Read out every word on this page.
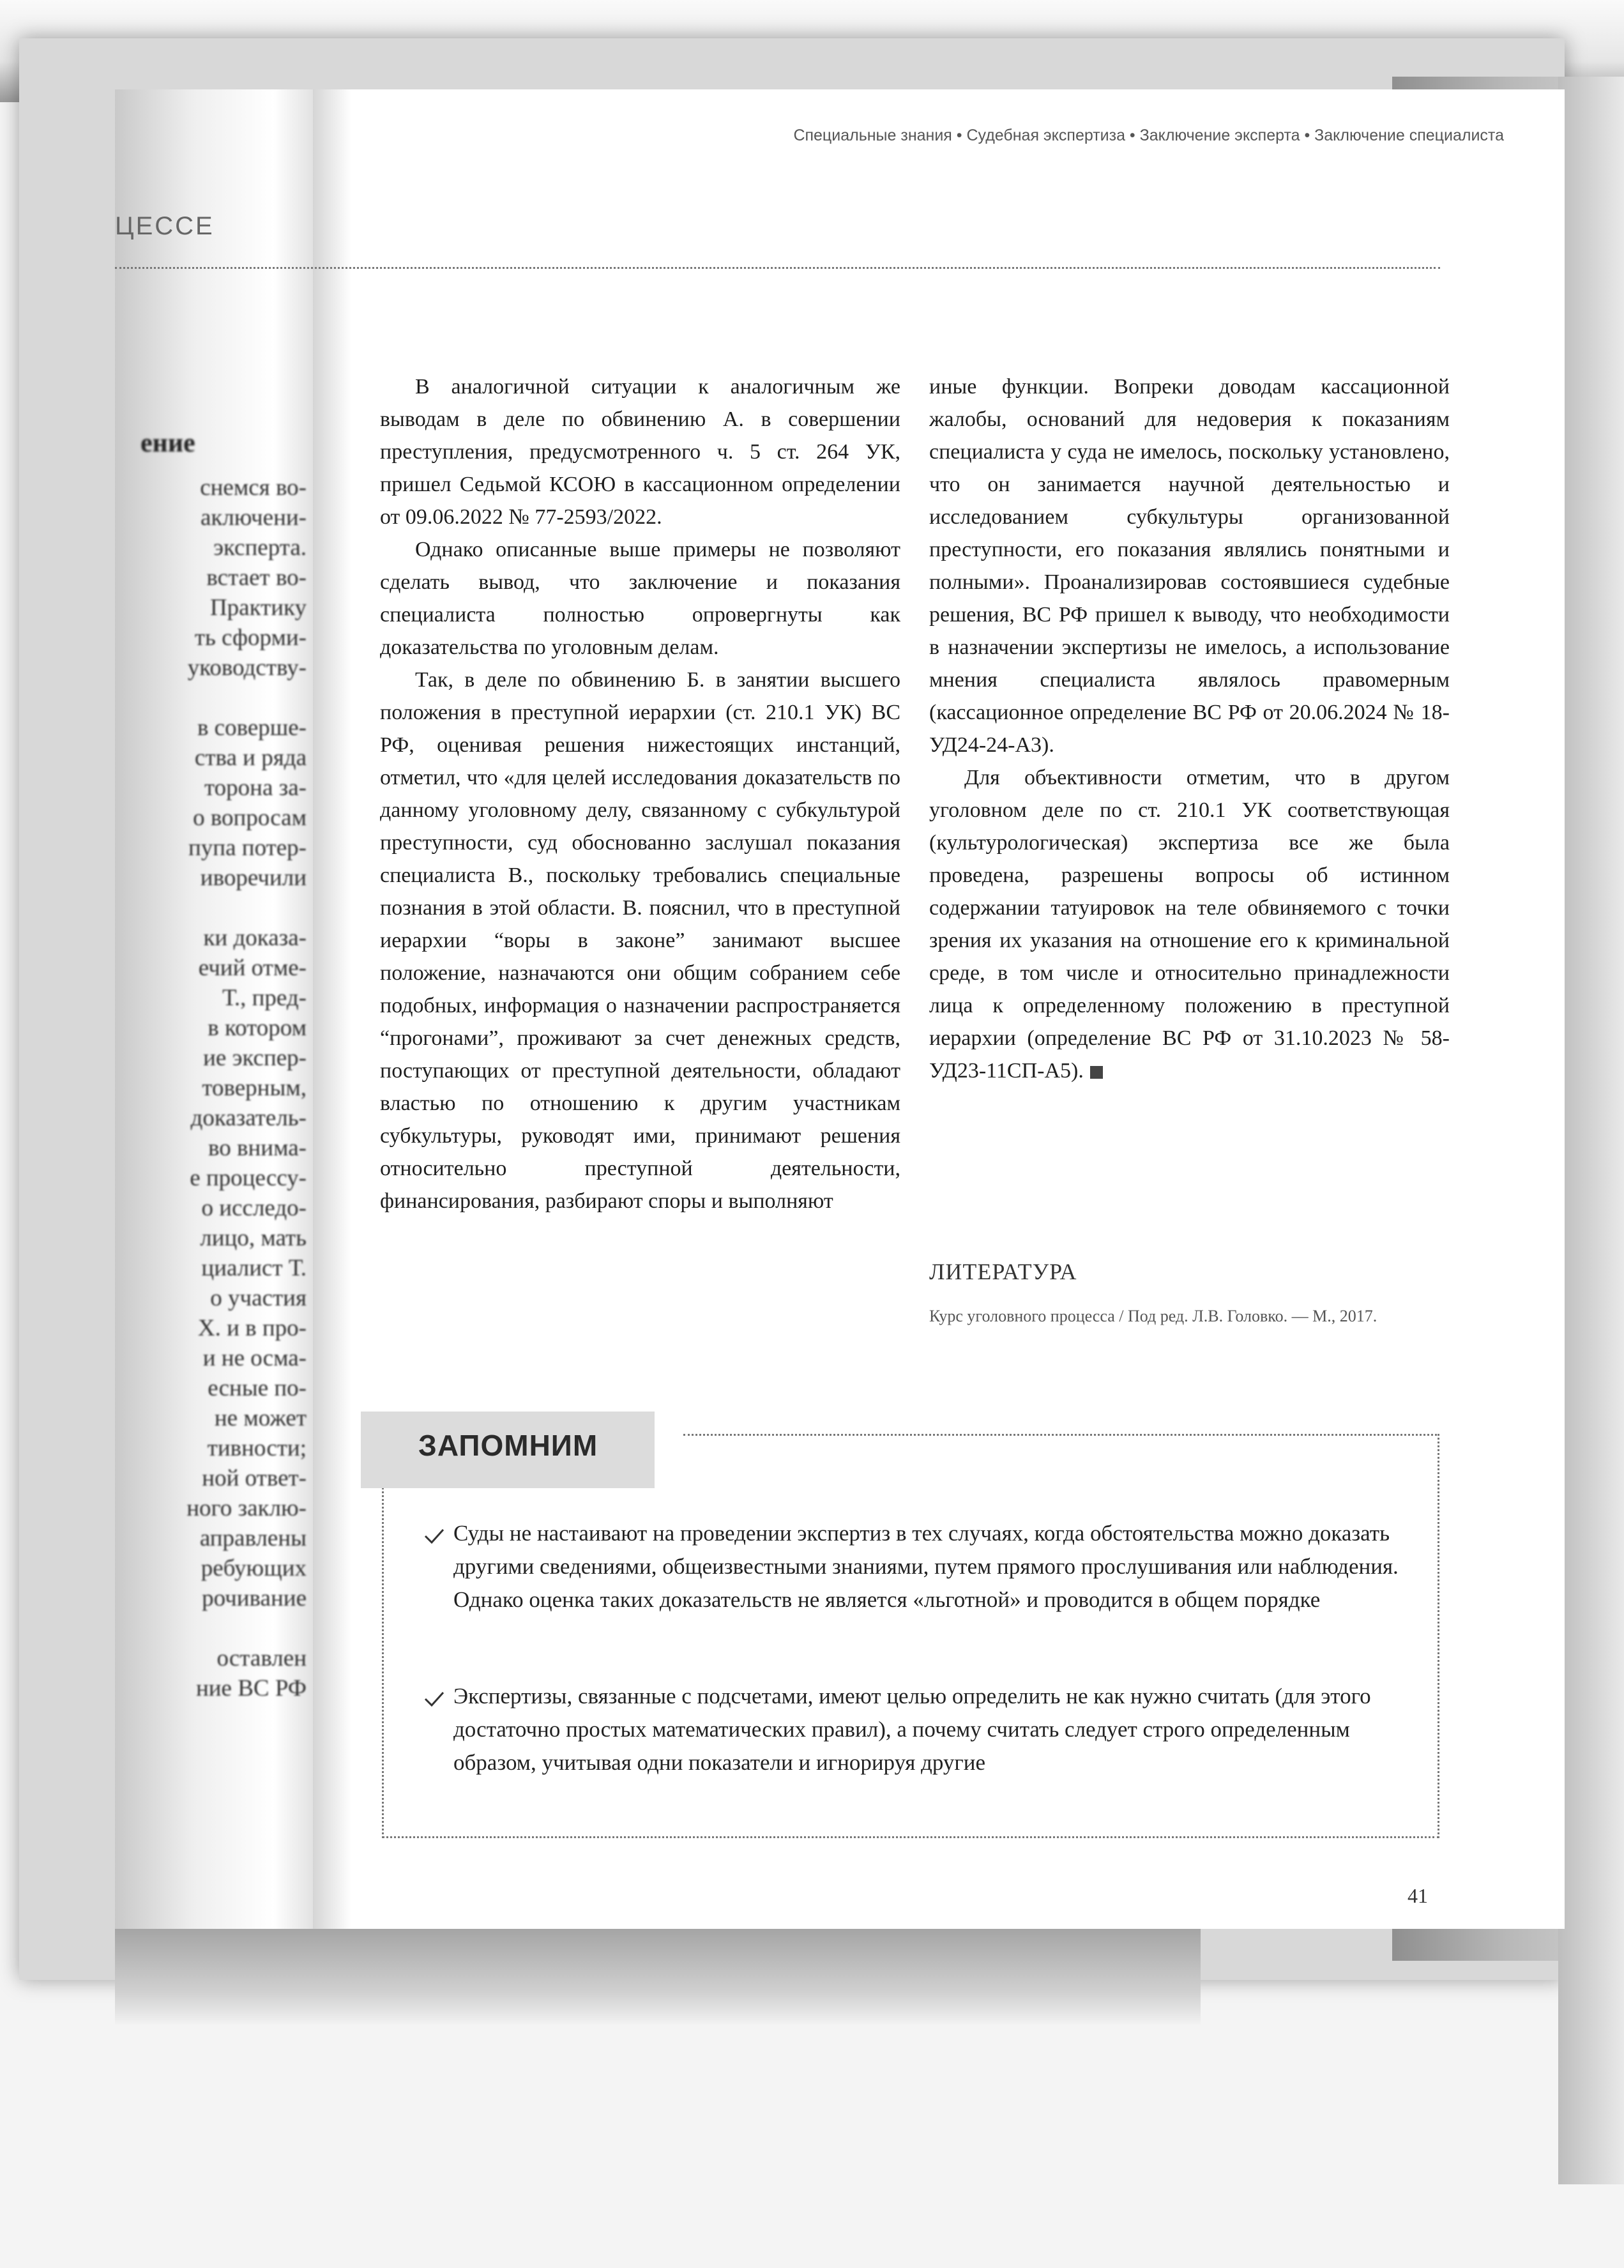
ЦЕССЕ
ение
снемся во-
аключени-
эксперта.
встает во-
Практику
ть сформи-
уководству-
в соверше-
ства и ряда
торона за-
о вопросам
пупа потер-
иворечили
ки доказа-
ечий отме-
Т., пред-
в котором
ие экспер-
товерным,
доказатель-
во внима-
е процессу-
о исследо-
лицо, мать
циалист Т.
о участия
Х. и в про-
и не осма-
есные по-
не может
тивности;
ной ответ-
ного заклю-
аправлены
ребующих
рочивание
оставлен
ние ВС РФ
Специальные знания • Судебная экспертиза • Заключение эксперта • Заключение специалиста

В аналогичной ситуации к аналогичным же выводам в деле по обвинению А. в совершении преступления, предусмотренного ч. 5 ст. 264 УК, пришел Седьмой КСОЮ в кассационном определении от 09.06.2022 № 77-2593/2022.

Однако описанные выше примеры не позволяют сделать вывод, что заключение и показания специалиста полностью опровергнуты как доказательства по уголовным делам.

Так, в деле по обвинению Б. в занятии высшего положения в преступной иерархии (ст. 210.1 УК) ВС РФ, оценивая решения нижестоящих инстанций, отметил, что «для целей исследования доказательств по данному уголовному делу, связанному с субкультурой преступности, суд обоснованно заслушал показания специалиста В., поскольку требовались специальные познания в этой области. В. пояснил, что в преступной иерархии “воры в законе” занимают высшее положение, назначаются они общим собранием себе подобных, информация о назначении распространяется “прогонами”, проживают за счет денежных средств, поступающих от преступной деятельности, обладают властью по отношению к другим участникам субкультуры, руководят ими, принимают решения относительно преступной деятельности, финансирования, разбирают споры и выполняют

иные функции. Вопреки доводам кассационной жалобы, оснований для недоверия к показаниям специалиста у суда не имелось, поскольку установлено, что он занимается научной деятельностью и исследованием субкультуры организованной преступности, его показания являлись понятными и полными». Проанализировав состоявшиеся судебные решения, ВС РФ пришел к выводу, что необходимости в назначении экспертизы не имелось, а использование мнения специалиста являлось правомерным (кассационное определение ВС РФ от 20.06.2024 № 18-УД24-24-А3).

Для объективности отметим, что в другом уголовном деле по ст. 210.1 УК соответствующая (культурологическая) экспертиза все же была проведена, разрешены вопросы об истинном содержании татуировок на теле обвиняемого с точки зрения их указания на отношение его к криминальной среде, в том числе и относительно принадлежности лица к определенному положению в преступной иерархии (определение ВС РФ от 31.10.2023 № 58-УД23-11СП-А5).

ЛИТЕРАТУРА
Курс уголовного процесса / Под ред. Л.В. Головко. — М., 2017.
ЗАПОМНИМ
Суды не настаивают на проведении экспертиз в тех случаях, когда обстоятельства можно доказать другими сведениями, общеизвестными знаниями, путем прямого прослушивания или наблюдения. Однако оценка таких доказательств не является «льготной» и проводится в общем порядке
Экспертизы, связанные с подсчетами, имеют целью определить не как нужно считать (для этого достаточно простых математических правил), а почему считать следует строго определенным образом, учитывая одни показатели и игнорируя другие
41
